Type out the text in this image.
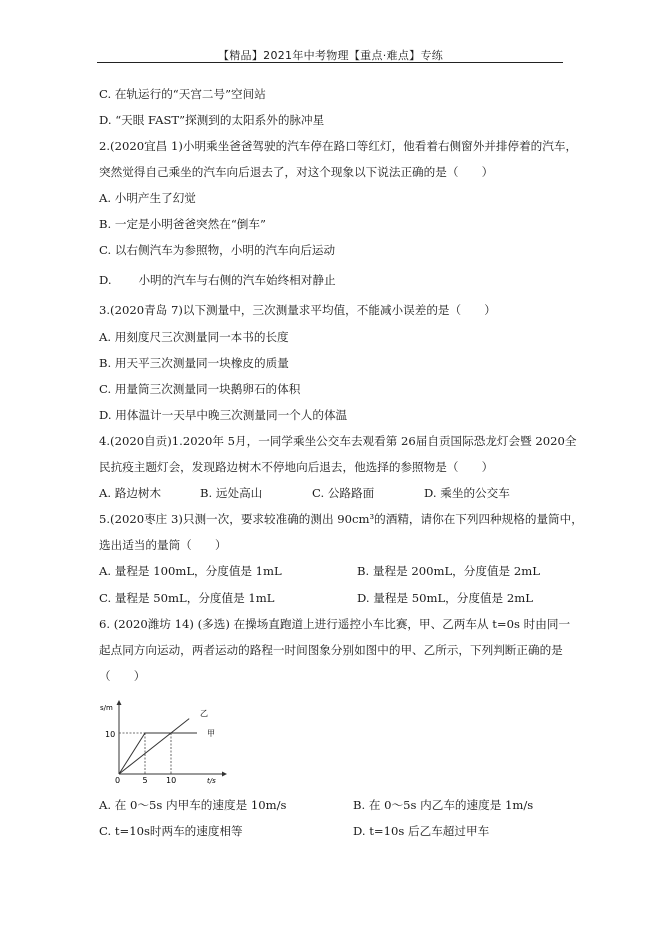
【精品】2021年中考物理【重点·难点】专练
C. 在轨运行的“天宫二号”空间站
D. “天眼 FAST”探测到的太阳系外的脉冲星
2.(2020宜昌 1)小明乘坐爸爸驾驶的汽车停在路口等红灯，他看着右侧窗外并排停着的汽车，
突然觉得自己乘坐的汽车向后退去了，对这个现象以下说法正确的是（　　）
A. 小明产生了幻觉
B. 一定是小明爸爸突然在“倒车”
C. 以右侧汽车为参照物，小明的汽车向后运动
D. 　　小明的汽车与右侧的汽车始终相对静止
3.(2020青岛 7)以下测量中，三次测量求平均值，不能减小误差的是（　　）
A. 用刻度尺三次测量同一本书的长度
B. 用天平三次测量同一块橡皮的质量
C. 用量筒三次测量同一块鹅卵石的体积
D. 用体温计一天早中晚三次测量同一个人的体温
4.(2020自贡)1.2020年 5月，一同学乘坐公交车去观看第 26届自贡国际恐龙灯会暨 2020全
民抗疫主题灯会，发现路边树木不停地向后退去，他选择的参照物是（　　）
A. 路边树木	B. 远处高山	C. 公路路面	D. 乘坐的公交车
5.(2020枣庄 3)只测一次，要求较准确的测出 90cm³的酒精，请你在下列四种规格的量筒中，
选出适当的量筒（　　）
A. 量程是 100mL，分度值是 1mL	B. 量程是 200mL，分度值是 2mL
C. 量程是 50mL，分度值是 1mL	D. 量程是 50mL，分度值是 2mL
6. (2020潍坊 14) (多选) 在操场直跑道上进行遥控小车比赛，甲、乙两车从 t=0s 时由同一
起点同方向运动，两者运动的路程一时间图象分别如图中的甲、乙所示，下列判断正确的是
（　　）
s/m
t/s
10
0	5 10
甲
乙
A. 在 0～5s 内甲车的速度是 10m/s	B. 在 0～5s 内乙车的速度是 1m/s
C. t=10s时两车的速度相等	D. t=10s 后乙车超过甲车
